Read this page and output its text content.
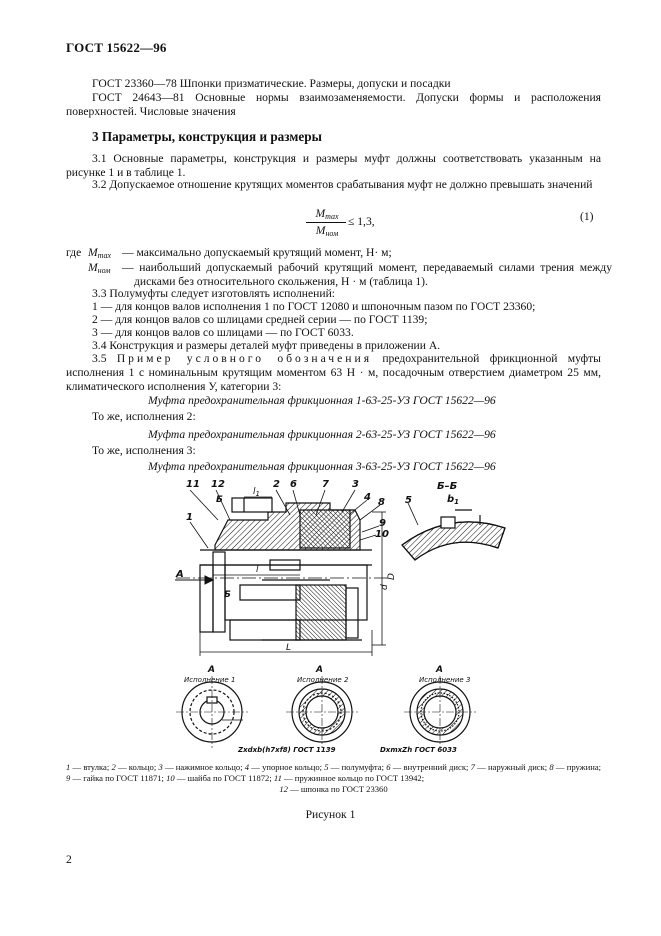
ГОСТ 15622—96
ГОСТ 23360—78 Шпонки призматические. Размеры, допуски и посадки
ГОСТ 24643—81 Основные нормы взаимозаменяемости. Допуски формы и расположения поверхностей. Числовые значения
3 Параметры, конструкция и размеры
3.1 Основные параметры, конструкция и размеры муфт должны соответствовать указанным на рисунке 1 и в таблице 1.
3.2 Допускаемое отношение крутящих моментов срабатывания муфт не должно превышать значений
$M_{max}$
$M_{ном}$
≤ 1,3,	(1)
где $M_{max}$ — максимально допускаемый крутящий момент, Н· м;
$M_{ном}$ — наибольший допускаемый рабочий крутящий момент, передаваемый силами трения между дисками без относительного скольжения, Н · м (таблица 1).
3.3 Полумуфты следует изготовлять исполнений:
1 — для концов валов исполнения 1 по ГОСТ 12080 и шпоночным пазом по ГОСТ 23360;
2 — для концов валов со шлицами средней серии — по ГОСТ 1139;
3 — для концов валов со шлицами — по ГОСТ 6033.
3.4 Конструкция и размеры деталей муфт приведены в приложении А.
3.5 Пример условного обозначения предохранительной фрикционной муфты исполнения 1 с номинальным крутящим моментом 63 Н · м, посадочным отверстием диаметром 25 мм, климатического исполнения У, категории 3:
Муфта предохранительная фрикционная 1-63-25-УЗ ГОСТ 15622—96
То же, исполнения 2:
Муфта предохранительная фрикционная 2-63-25-УЗ ГОСТ 15622—96
То же, исполнения 3:
Муфта предохранительная фрикционная 3-63-25-УЗ ГОСТ 15622—96
11 12	2 6	7 3
4 8
9
10
1
5
Б–Б
$b_1$
А
Б
Б
$l_1$
l
L
d
D
А	А	А
Исполнение 1	Исполнение 2	Исполнение 3
Zxdxb(h7xf8) ГОСТ 1139	DxmxZh ГОСТ 6033
1 — втулка; 2 — кольцо; 3 — нажимное кольцо; 4 — упорное кольцо; 5 — полумуфта; 6 — внутренний диск; 7 — наружный диск; 8 — пружина; 9 — гайка по ГОСТ 11871; 10 — шайба по ГОСТ 11872; 11 — пружинное кольцо по ГОСТ 13942;
12 — шпонка по ГОСТ 23360
Рисунок 1
2
